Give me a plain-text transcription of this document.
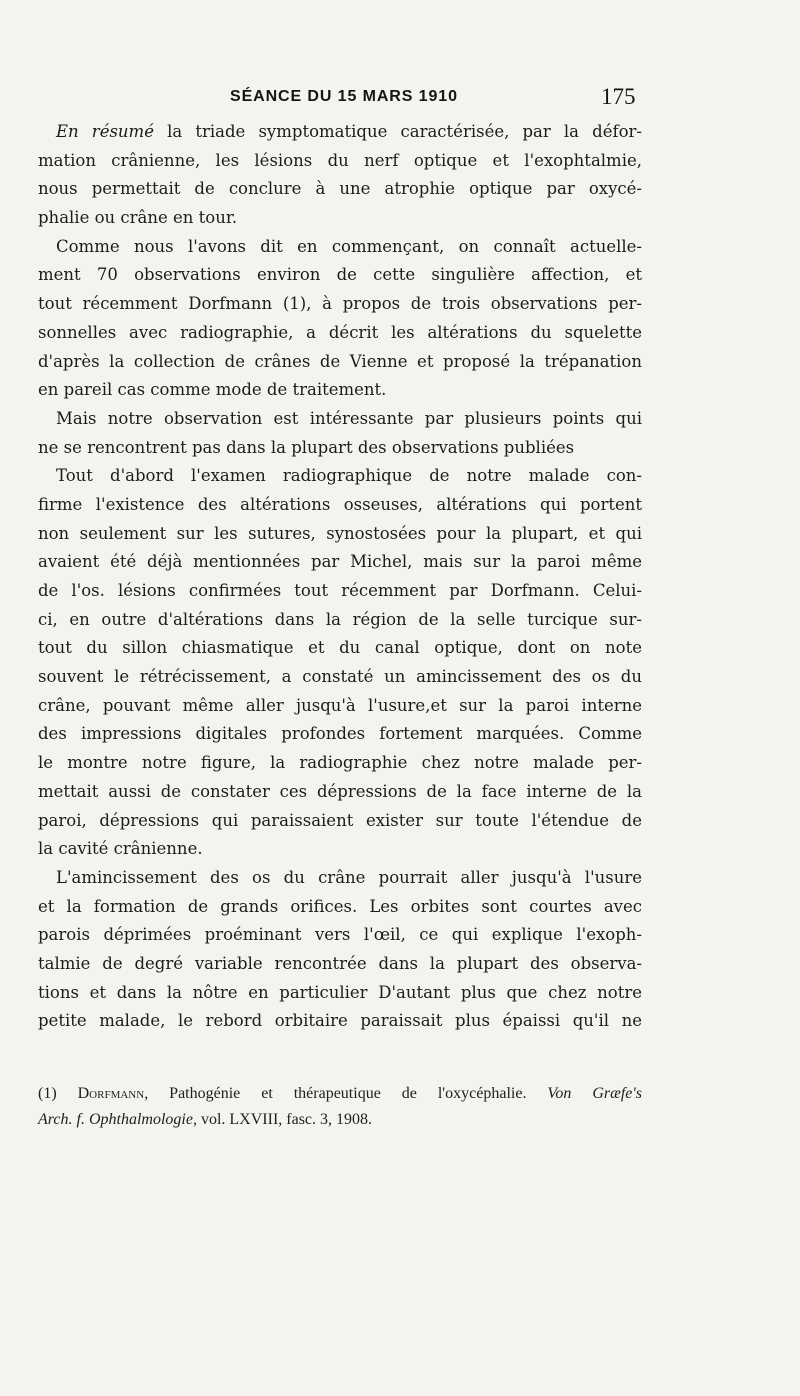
SÉANCE DU 15 MARS 1910	175
En résumé la triade symptomatique caractérisée, par la défor-
mation crânienne, les lésions du nerf optique et l'exophtalmie,
nous permettait de conclure à une atrophie optique par oxycé-
phalie ou crâne en tour.
Comme nous l'avons dit en commençant, on connaît actuelle-
ment 70 observations environ de cette singulière affection, et
tout récemment Dorfmann (1), à propos de trois observations per-
sonnelles avec radiographie, a décrit les altérations du squelette
d'après la collection de crânes de Vienne et proposé la trépanation
en pareil cas comme mode de traitement.
Mais notre observation est intéressante par plusieurs points qui
ne se rencontrent pas dans la plupart des observations publiées
Tout d'abord l'examen radiographique de notre malade con-
firme l'existence des altérations osseuses, altérations qui portent
non seulement sur les sutures, synostosées pour la plupart, et qui
avaient été déjà mentionnées par Michel, mais sur la paroi même
de l'os. lésions confirmées tout récemment par Dorfmann. Celui-
ci, en outre d'altérations dans la région de la selle turcique sur-
tout du sillon chiasmatique et du canal optique, dont on note
souvent le rétrécissement, a constaté un amincissement des os du
crâne, pouvant même aller jusqu'à l'usure,et sur la paroi interne
des impressions digitales profondes fortement marquées. Comme
le montre notre figure, la radiographie chez notre malade per-
mettait aussi de constater ces dépressions de la face interne de la
paroi, dépressions qui paraissaient exister sur toute l'étendue de
la cavité crânienne.
L'amincissement des os du crâne pourrait aller jusqu'à l'usure
et la formation de grands orifices. Les orbites sont courtes avec
parois déprimées proéminant vers l'œil, ce qui explique l'exoph-
talmie de degré variable rencontrée dans la plupart des observa-
tions et dans la nôtre en particulier D'autant plus que chez notre
petite malade, le rebord orbitaire paraissait plus épaissi qu'il ne
(1) Dorfmann, Pathogénie et thérapeutique de l'oxycéphalie. Von Græfe's
Arch. f. Ophthalmologie, vol. LXVIII, fasc. 3, 1908.
